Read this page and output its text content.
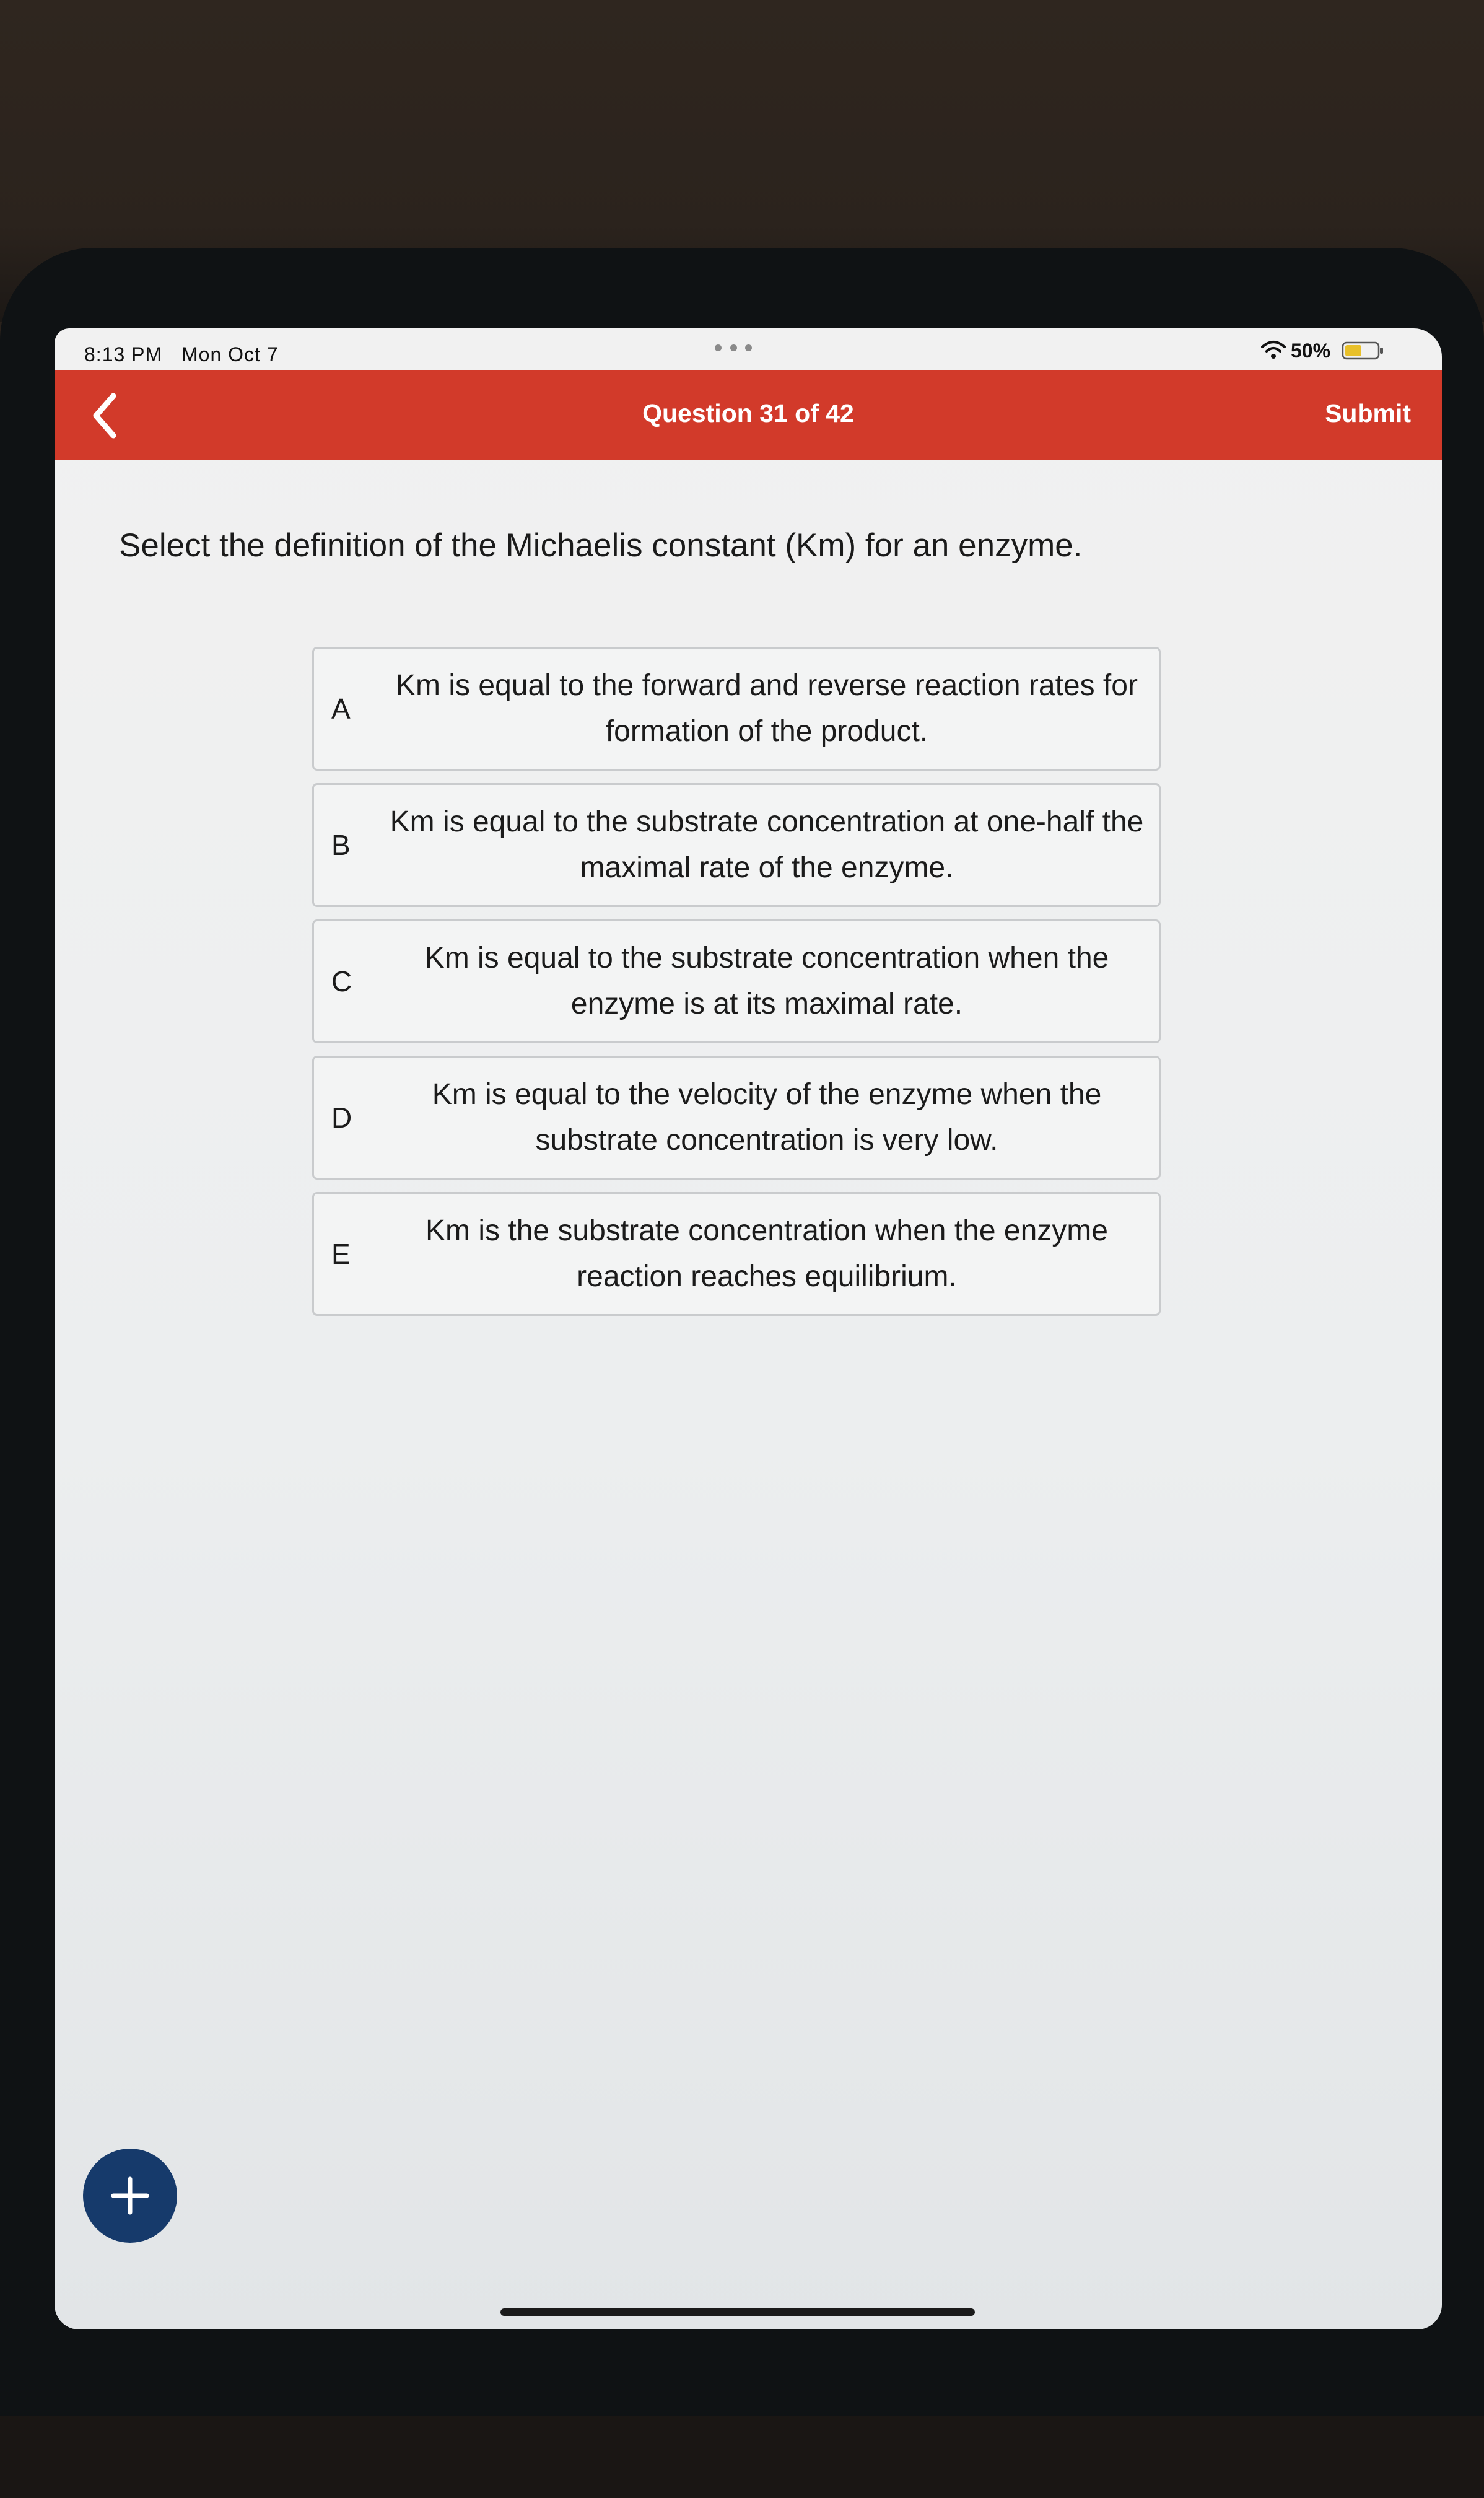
8:13 PM Mon Oct 7	50%
Question 31 of 42	Submit
Select the definition of the Michaelis constant (Km) for an enzyme.
A
Km is equal to the forward and reverse reaction rates for formation of the product.
B
Km is equal to the substrate concentration at one-half the maximal rate of the enzyme.
C
Km is equal to the substrate concentration when the enzyme is at its maximal rate.
D
Km is equal to the velocity of the enzyme when the substrate concentration is very low.
E
Km is the substrate concentration when the enzyme reaction reaches equilibrium.
